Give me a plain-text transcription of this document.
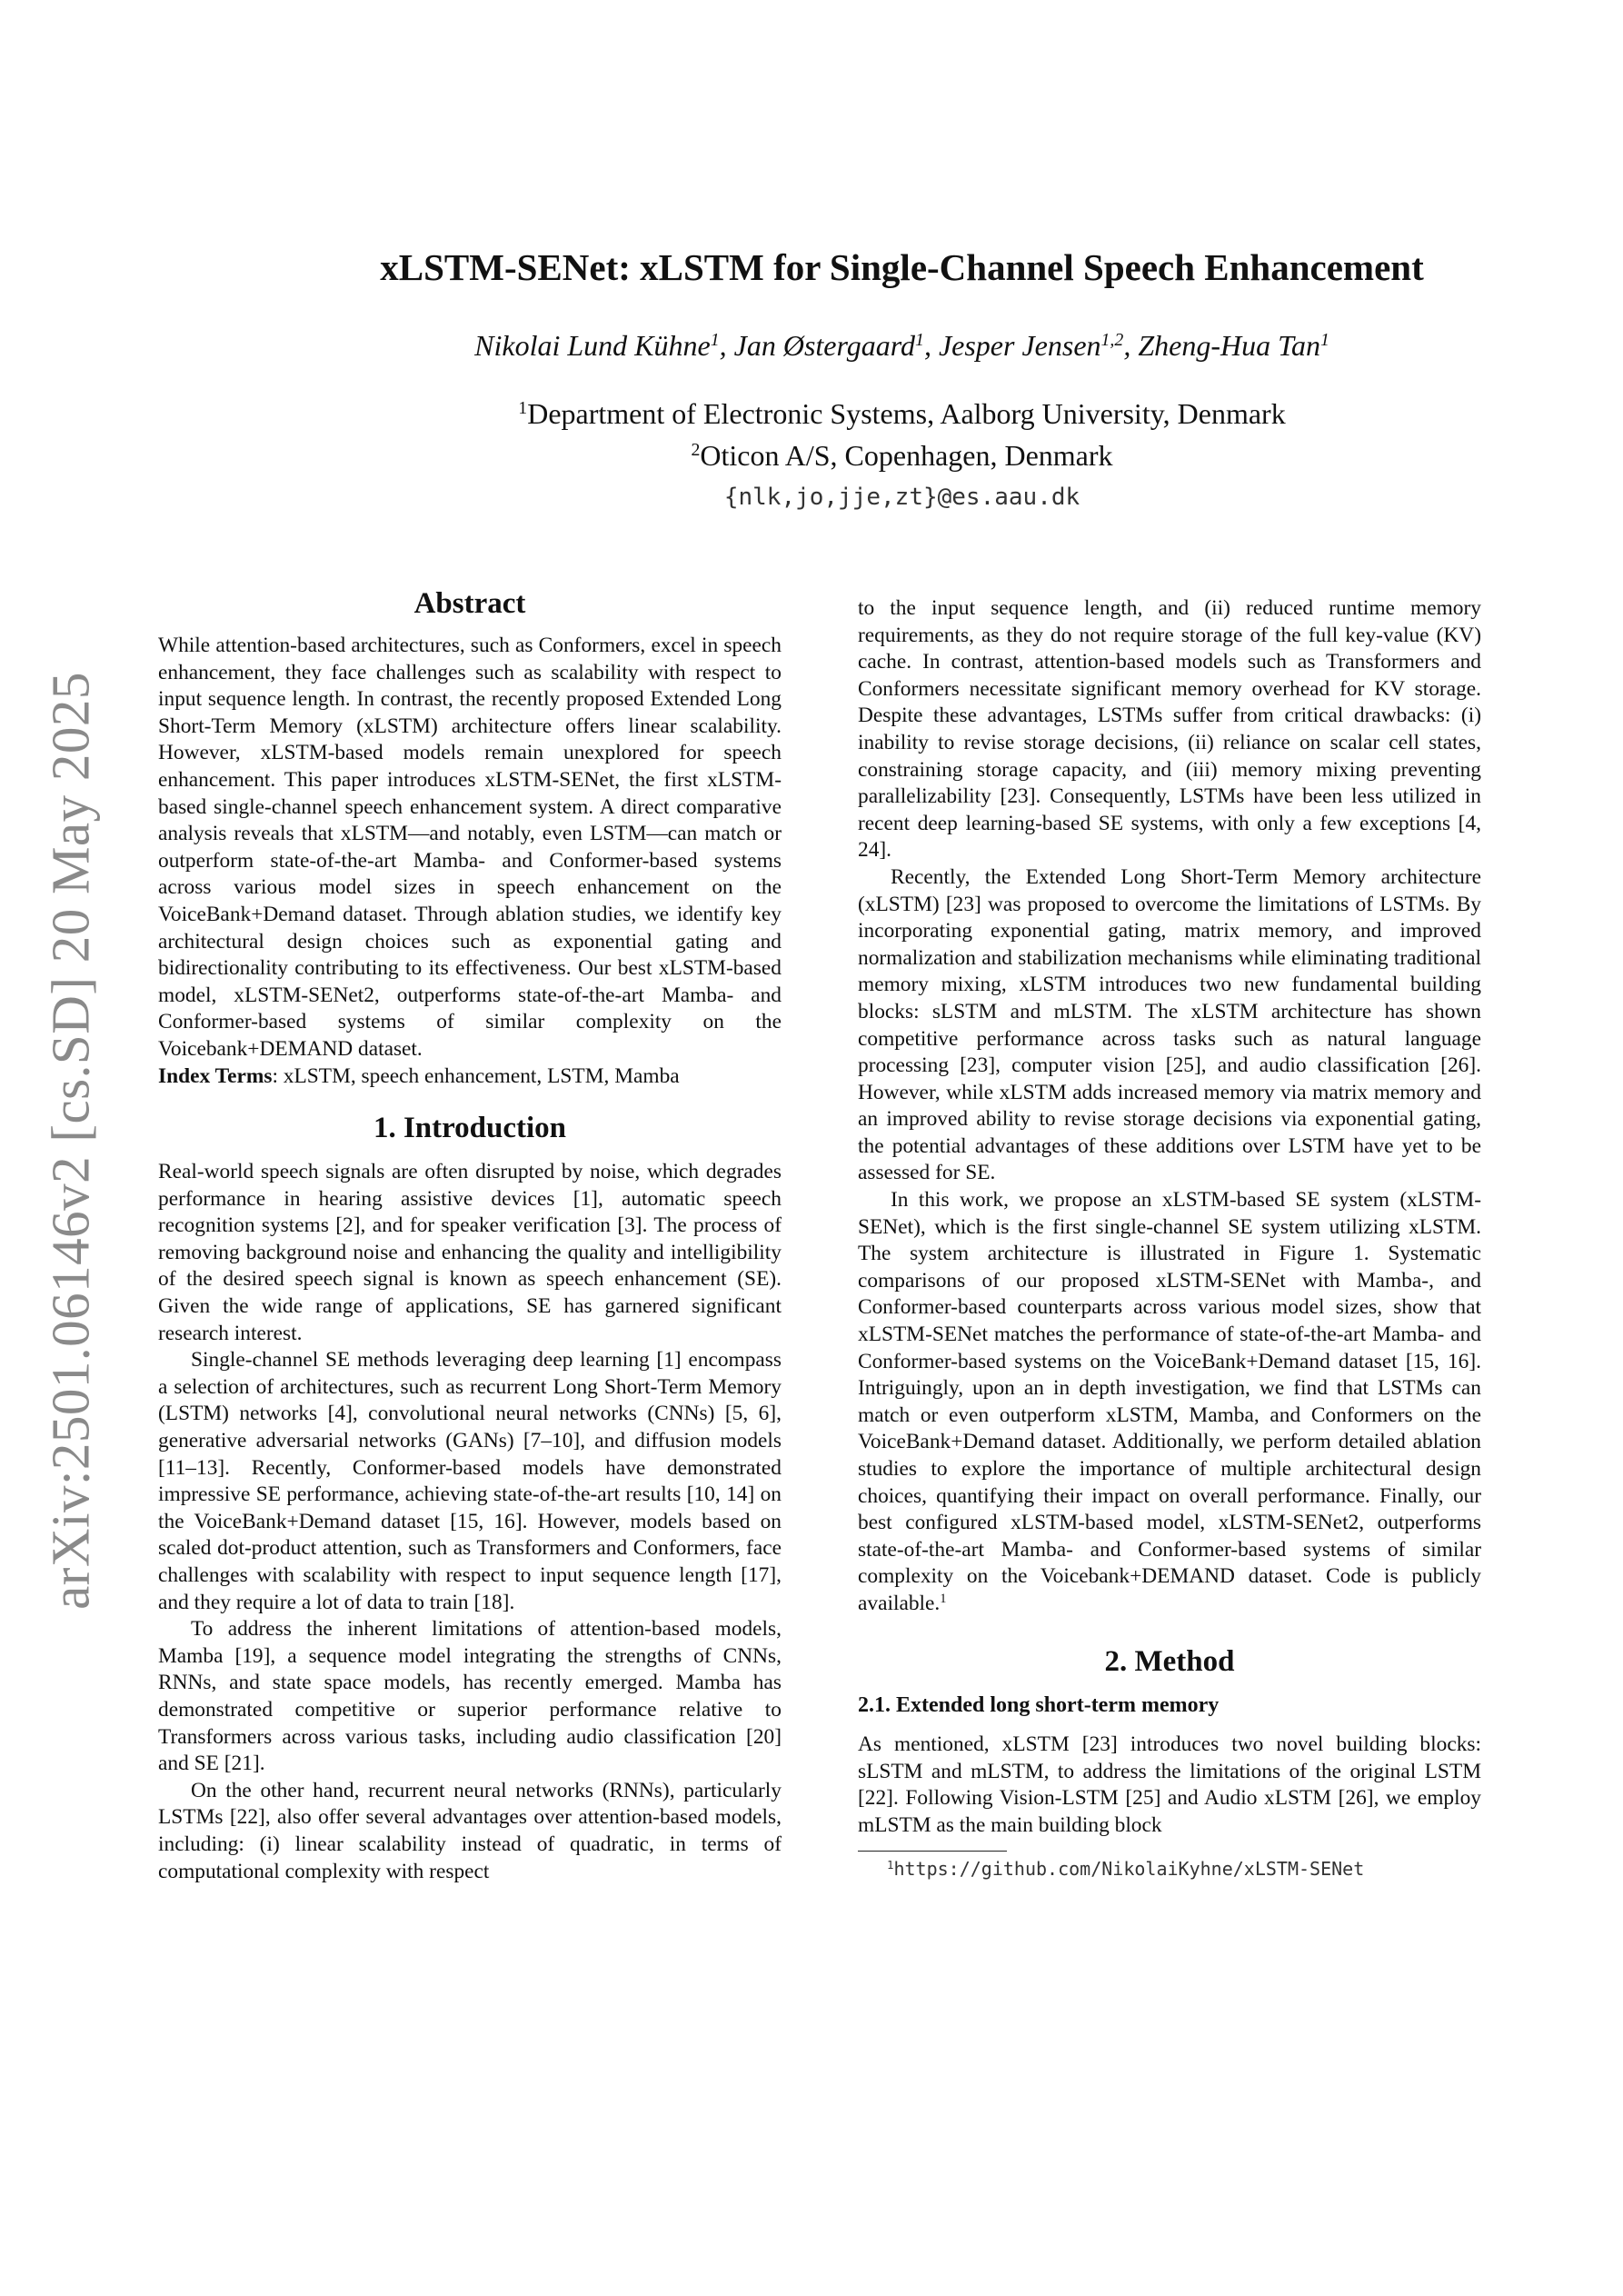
arXiv:2501.06146v2 [cs.SD] 20 May 2025
xLSTM-SENet: xLSTM for Single-Channel Speech Enhancement
Nikolai Lund Kühne$^1$, Jan Østergaard$^1$, Jesper Jensen$^{1,2}$, Zheng-Hua Tan$^1$
$^1$Department of Electronic Systems, Aalborg University, Denmark
$^2$Oticon A/S, Copenhagen, Denmark
{nlk,jo,jje,zt}@es.aau.dk
Abstract

While attention-based architectures, such as Conformers, excel in speech enhancement, they face challenges such as scalability with respect to input sequence length. In contrast, the recently proposed Extended Long Short-Term Memory (xLSTM) architecture offers linear scalability. However, xLSTM-based models remain unexplored for speech enhancement. This paper introduces xLSTM-SENet, the first xLSTM-based single-channel speech enhancement system. A direct comparative analysis reveals that xLSTM—and notably, even LSTM—can match or outperform state-of-the-art Mamba- and Conformer-based systems across various model sizes in speech enhancement on the VoiceBank+Demand dataset. Through ablation studies, we identify key architectural design choices such as exponential gating and bidirectionality contributing to its effectiveness. Our best xLSTM-based model, xLSTM-SENet2, outperforms state-of-the-art Mamba- and Conformer-based systems of similar complexity on the Voicebank+DEMAND dataset.

Index Terms: xLSTM, speech enhancement, LSTM, Mamba

1. Introduction

Real-world speech signals are often disrupted by noise, which degrades performance in hearing assistive devices [1], automatic speech recognition systems [2], and for speaker verification [3]. The process of removing background noise and enhancing the quality and intelligibility of the desired speech signal is known as speech enhancement (SE). Given the wide range of applications, SE has garnered significant research interest.

Single-channel SE methods leveraging deep learning [1] encompass a selection of architectures, such as recurrent Long Short-Term Memory (LSTM) networks [4], convolutional neural networks (CNNs) [5, 6], generative adversarial networks (GANs) [7–10], and diffusion models [11–13]. Recently, Conformer-based models have demonstrated impressive SE performance, achieving state-of-the-art results [10, 14] on the VoiceBank+Demand dataset [15, 16]. However, models based on scaled dot-product attention, such as Transformers and Conformers, face challenges with scalability with respect to input sequence length [17], and they require a lot of data to train [18].

To address the inherent limitations of attention-based models, Mamba [19], a sequence model integrating the strengths of CNNs, RNNs, and state space models, has recently emerged. Mamba has demonstrated competitive or superior performance relative to Transformers across various tasks, including audio classification [20] and SE [21].

On the other hand, recurrent neural networks (RNNs), particularly LSTMs [22], also offer several advantages over attention-based models, including: (i) linear scalability instead of quadratic, in terms of computational complexity with respect

to the input sequence length, and (ii) reduced runtime memory requirements, as they do not require storage of the full key-value (KV) cache. In contrast, attention-based models such as Transformers and Conformers necessitate significant memory overhead for KV storage. Despite these advantages, LSTMs suffer from critical drawbacks: (i) inability to revise storage decisions, (ii) reliance on scalar cell states, constraining storage capacity, and (iii) memory mixing preventing parallelizability [23]. Consequently, LSTMs have been less utilized in recent deep learning-based SE systems, with only a few exceptions [4, 24].

Recently, the Extended Long Short-Term Memory architecture (xLSTM) [23] was proposed to overcome the limitations of LSTMs. By incorporating exponential gating, matrix memory, and improved normalization and stabilization mechanisms while eliminating traditional memory mixing, xLSTM introduces two new fundamental building blocks: sLSTM and mLSTM. The xLSTM architecture has shown competitive performance across tasks such as natural language processing [23], computer vision [25], and audio classification [26]. However, while xLSTM adds increased memory via matrix memory and an improved ability to revise storage decisions via exponential gating, the potential advantages of these additions over LSTM have yet to be assessed for SE.

In this work, we propose an xLSTM-based SE system (xLSTM-SENet), which is the first single-channel SE system utilizing xLSTM. The system architecture is illustrated in Figure 1. Systematic comparisons of our proposed xLSTM-SENet with Mamba-, and Conformer-based counterparts across various model sizes, show that xLSTM-SENet matches the performance of state-of-the-art Mamba- and Conformer-based systems on the VoiceBank+Demand dataset [15, 16]. Intriguingly, upon an in depth investigation, we find that LSTMs can match or even outperform xLSTM, Mamba, and Conformers on the VoiceBank+Demand dataset. Additionally, we perform detailed ablation studies to explore the importance of multiple architectural design choices, quantifying their impact on overall performance. Finally, our best configured xLSTM-based model, xLSTM-SENet2, outperforms state-of-the-art Mamba- and Conformer-based systems of similar complexity on the Voicebank+DEMAND dataset. Code is publicly available.$^1$

2. Method
2.1. Extended long short-term memory

As mentioned, xLSTM [23] introduces two novel building blocks: sLSTM and mLSTM, to address the limitations of the original LSTM [22]. Following Vision-LSTM [25] and Audio xLSTM [26], we employ mLSTM as the main building block

$^1$https://github.com/NikolaiKyhne/xLSTM-SENet
